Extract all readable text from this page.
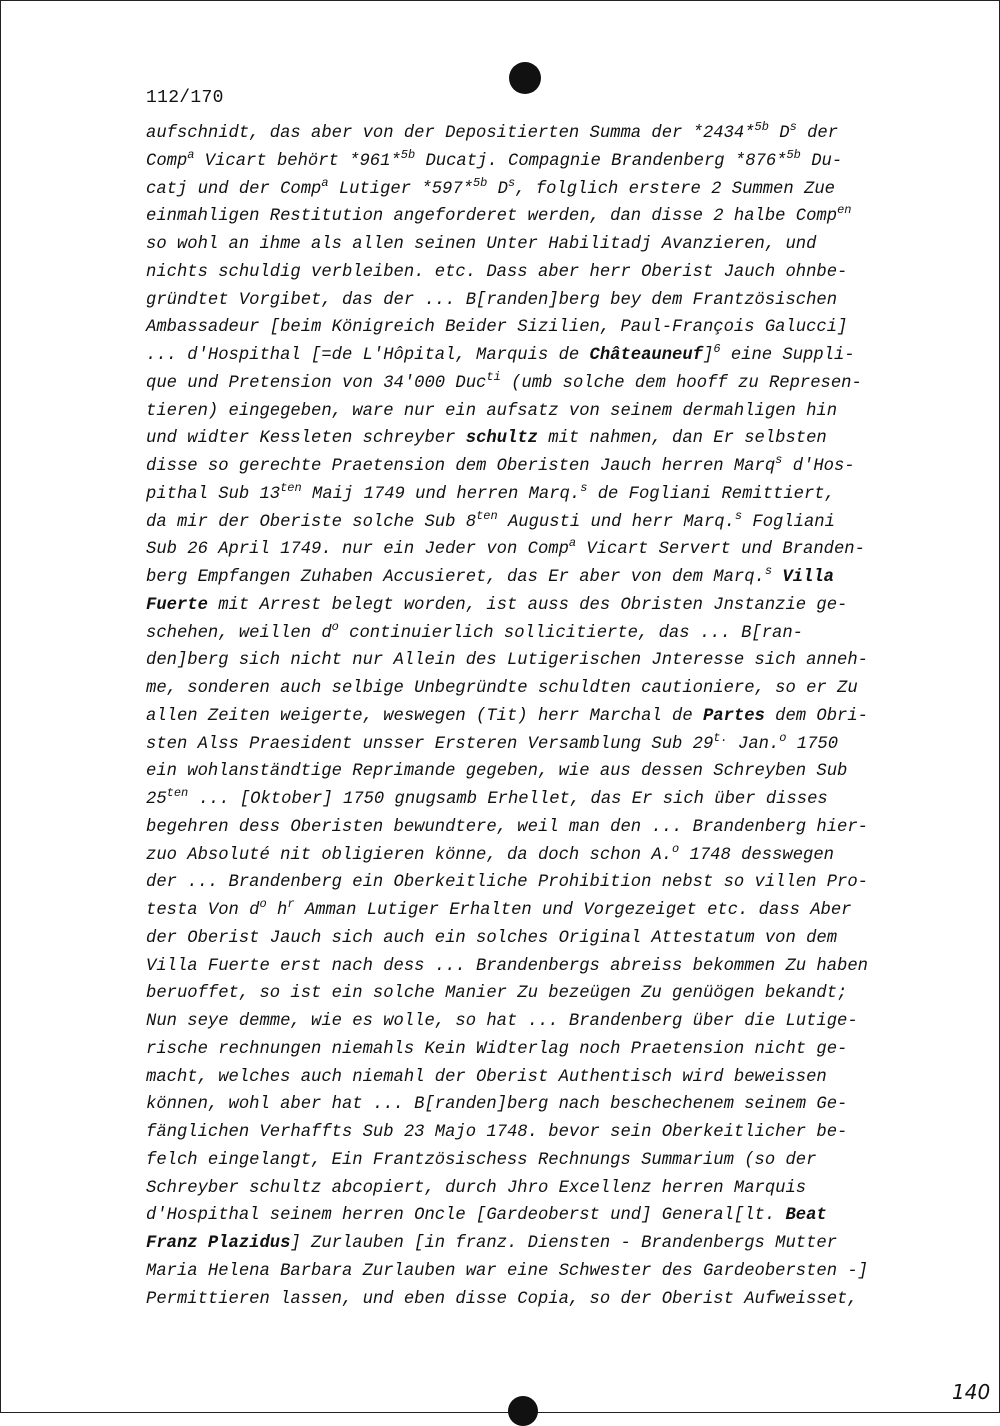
112/170
aufschnidt, das aber von der Depositierten Summa der *2434*$^{5b}$ $D^s$ der
Comp$^a$ Vicart behört *961*$^{5b}$ Ducatj. Compagnie Brandenberg *876*$^{5b}$ Du-
catj und der Comp$^a$ Lutiger *597*$^{5b}$ $D^s$, folglich erstere 2 Summen Zue
einmahligen Restitution angeforderet werden, dan disse 2 halbe Comp$^{en}$
so wohl an ihme als allen seinen Unter Habilitadj Avanzieren, und
nichts schuldig verbleiben. etc. Dass aber herr Oberist Jauch ohnbe-
gründtet Vorgibet, das der ... B[randen]berg bey dem Frantzösischen
Ambassadeur [beim Königreich Beider Sizilien, Paul-François Galucci]
... d'Hospithal [=de L'Hôpital, Marquis de Châteauneuf]$^6$ eine Suppli-
que und Pretension von 34'000 Duc$^{ti}$ (umb solche dem hooff zu Represen-
tieren) eingegeben, ware nur ein aufsatz von seinem dermahligen hin
und widter Kessleten schreyber schultz mit nahmen, dan Er selbsten
disse so gerechte Praetension dem Oberisten Jauch herren Marq$^s$ d'Hos-
pithal Sub $13^{ten}$ Maij 1749 und herren Marq.$^s$ de Fogliani Remittiert,
da mir der Oberiste solche Sub $8^{ten}$ Augusti und herr Marq.$^s$ Fogliani
Sub 26 April 1749. nur ein Jeder von Comp$^a$ Vicart Servert und Branden-
berg Empfangen Zuhaben Accusieret, das Er aber von dem Marq.$^s$ Villa
Fuerte mit Arrest belegt worden, ist auss des Obristen Jnstanzie ge-
schehen, weillen $d^o$ continuierlich sollicitierte, das ... B[ran-
den]berg sich nicht nur Allein des Lutigerischen Jnteresse sich anneh-
me, sonderen auch selbige Unbegründte schuldten cautioniere, so er Zu
allen Zeiten weigerte, weswegen (Tit) herr Marchal de Partes dem Obri-
sten Alss Praesident unsser Ersteren Versamblung Sub $29^{t.}$ Jan.$^o$ 1750
ein wohlanständtige Reprimande gegeben, wie aus dessen Schreyben Sub
$25^{ten}$ ... [Oktober] 1750 gnugsamb Erhellet, das Er sich über disses
begehren dess Oberisten bewundtere, weil man den ... Brandenberg hier-
zuo Absoluté nit obligieren könne, da doch schon A.$^o$ 1748 desswegen
der ... Brandenberg ein Oberkeitliche Prohibition nebst so villen Pro-
testa Von $d^o$ $h^r$ Amman Lutiger Erhalten und Vorgezeiget etc. dass Aber
der Oberist Jauch sich auch ein solches Original Attestatum von dem
Villa Fuerte erst nach dess ... Brandenbergs abreiss bekommen Zu haben
beruoffet, so ist ein solche Manier Zu bezeügen Zu genüögen bekandt;
Nun seye demme, wie es wolle, so hat ... Brandenberg über die Lutige-
rische rechnungen niemahls Kein Widterlag noch Praetension nicht ge-
macht, welches auch niemahl der Oberist Authentisch wird beweissen
können, wohl aber hat ... B[randen]berg nach beschechenem seinem Ge-
fänglichen Verhaffts Sub 23 Majo 1748. bevor sein Oberkeitlicher be-
felch eingelangt, Ein Frantzösischess Rechnungs Summarium (so der
Schreyber schultz abcopiert, durch Jhro Excellenz herren Marquis
d'Hospithal seinem herren Oncle [Gardeoberst und] General[lt. Beat
Franz Plazidus] Zurlauben [in franz. Diensten - Brandenbergs Mutter
Maria Helena Barbara Zurlauben war eine Schwester des Gardeobersten -]
Permittieren lassen, und eben disse Copia, so der Oberist Aufweisset,
140
